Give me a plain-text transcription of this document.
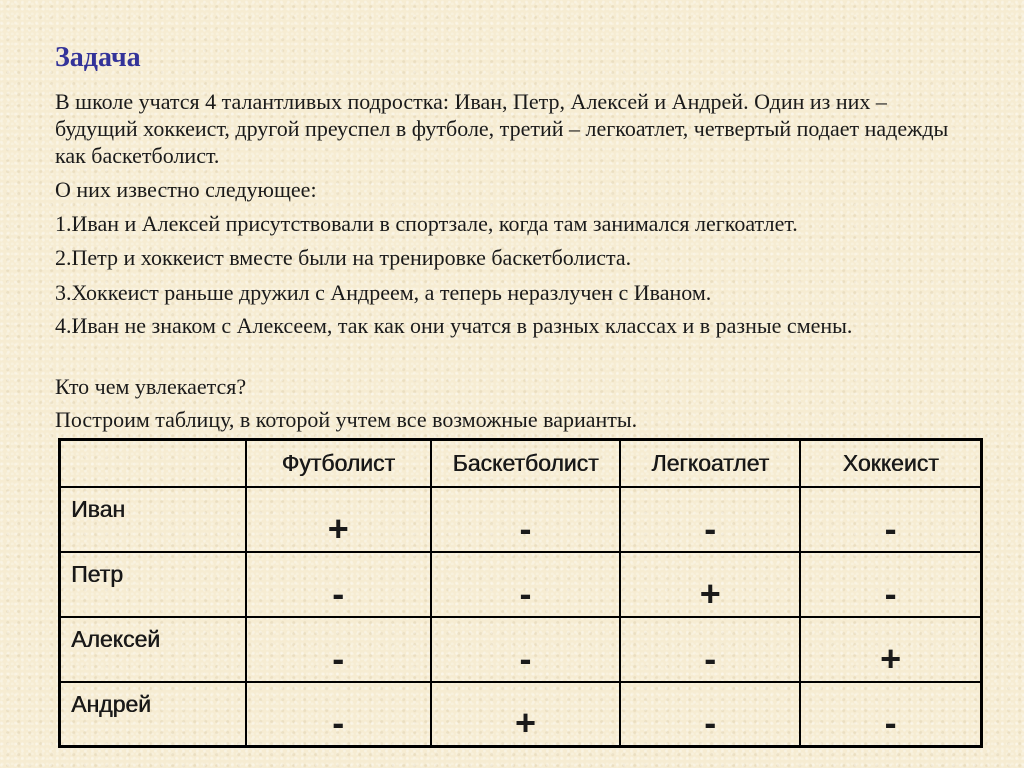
Задача

В школе учатся 4 талантливых подростка: Иван, Петр, Алексей и Андрей. Один из них – будущий хоккеист, другой преуспел в футболе, третий – легкоатлет, четвертый подает надежды как баскетболист.

О них известно следующее:

1.Иван и Алексей присутствовали в спортзале, когда там занимался легкоатлет.

2.Петр и хоккеист вместе были на тренировке баскетболиста.

3.Хоккеист раньше дружил с Андреем, а теперь неразлучен с Иваном.

4.Иван не знаком с Алексеем, так как они учатся в разных классах и в разные смены.

Кто чем увлекается?

Построим таблицу, в которой учтем все возможные варианты.

	Футболист	Баскетболист	Легкоатлет	Хоккеист
Иван	+	-	-	-
Петр	-	-	+	-
Алексей	-	-	-	+
Андрей	-	+	-	-
